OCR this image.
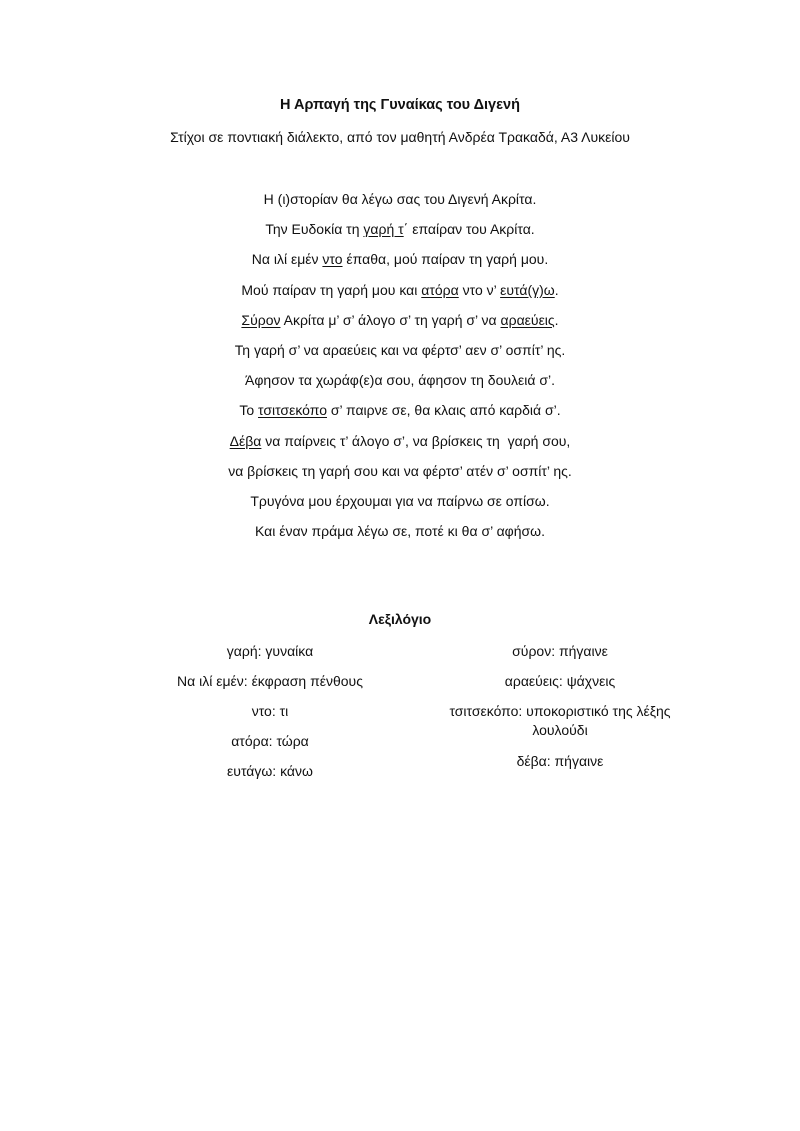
Η Αρπαγή της Γυναίκας του Διγενή
Στίχοι σε ποντιακή διάλεκτο, από τον μαθητή Ανδρέα Τρακαδά, Α3 Λυκείου
Η (ι)στορίαν θα λέγω σας του Διγενή Ακρίτα.
Την Ευδοκία τη γαρή τ΄ επαίραν του Ακρίτα.
Να ιλί εμέν ντο έπαθα, μού παίραν τη γαρή μου.
Μού παίραν τη γαρή μου και ατόρα ντο ν’ ευτά(γ)ω.
Σύρον Ακρίτα μ’ σ’ άλογο σ’ τη γαρή σ’ να αραεύεις.
Τη γαρή σ’ να αραεύεις και να φέρτσ’ αεν σ’ οσπίτ’ ης.
Άφησον τα χωράφ(ε)α σου, άφησον τη δουλειά σ’.
Το τσιτσεκόπο σ’ παιρνε σε, θα κλαις από καρδιά σ’.
Δέβα να παίρνεις τ’ άλογο σ’, να βρίσκεις τη  γαρή σου,
να βρίσκεις τη γαρή σου και να φέρτσ’ ατέν σ’ οσπίτ’ ης.
Τρυγόνα μου έρχουμαι για να παίρνω σε οπίσω.
Και έναν πράμα λέγω σε, ποτέ κι θα σ’ αφήσω.
Λεξιλόγιο
γαρή: γυναίκα
Να ιλί εμέν: έκφραση πένθους
ντο: τι
ατόρα: τώρα
ευτάγω: κάνω
σύρον: πήγαινε
αραεύεις: ψάχνεις
τσιτσεκόπο: υποκοριστικό της λέξης λουλούδι
δέβα: πήγαινε
